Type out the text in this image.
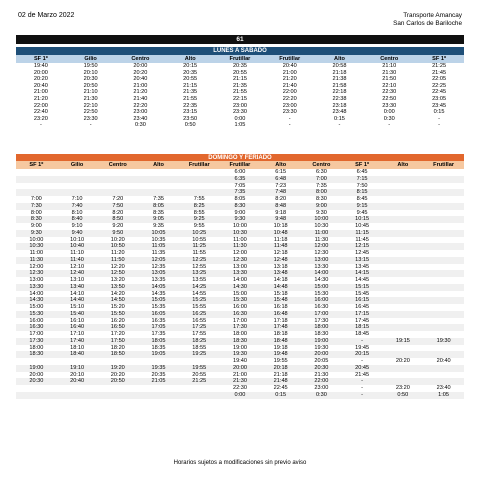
02 de Marzo 2022	Transporte Amancay
San Carlos de Bariloche
61
LUNES A SABADO								
SF 1º	Gilio	Centro	Alto	Frutillar	Frutillar	Alto	Centro	SF 1º
19:40	19:50	20:00	20:15	20:35	20:40	20:58	21:10	21:25
20:00	20:10	20:20	20:35	20:55	21:00	21:18	21:30	21:45
20:20	20:30	20:40	20:55	21:15	21:20	21:38	21:50	22:05
20:40	20:50	21:00	21:15	21:35	21:40	21:58	22:10	22:25
21:00	21:10	21:20	21:35	21:55	22:00	22:18	22:30	22:45
21:20	21:30	21:40	21:55	22:15	22:20	22:38	22:50	23:05
22:00	22:10	22:20	22:35	23:00	23:00	23:18	23:30	23:45
22:40	22:50	23:00	23:15	23:30	23:30	23:48	0:00	0:15
23:20	23:30	23:40	23:50	0:00	-	0:15	0:30	-
-	-	0:30	0:50	1:05	-	-	-	-
DOMINGO Y FERIADO										
SF 1º	Gilio	Centro	Alto	Frutillar	Frutillar	Alto	Centro	SF 1º	Alto	Frutillar
					6:00	6:15	6:30	6:45		
					6:35	6:48	7:00	7:15		
					7:05	7:23	7:35	7:50		
					7:35	7:48	8:00	8:15		
7:00	7:10	7:20	7:35	7:55	8:05	8:20	8:30	8:45		
7:30	7:40	7:50	8:05	8:25	8:30	8:48	9:00	9:15		
8:00	8:10	8:20	8:35	8:55	9:00	9:18	9:30	9:45		
8:30	8:40	8:50	9:05	9:25	9:30	9:48	10:00	10:15		
9:00	9:10	9:20	9:35	9:55	10:00	10:18	10:30	10:45		
9:30	9:40	9:50	10:05	10:25	10:30	10:48	11:00	11:15		
10:00	10:10	10:20	10:35	10:55	11:00	11:18	11:30	11:45		
10:30	10:40	10:50	11:05	11:25	11:30	11:48	12:00	12:15		
11:00	11:10	11:20	11:35	11:55	12:00	12:18	12:30	12:45		
11:30	11:40	11:50	12:05	12:25	12:30	12:48	13:00	13:15		
12:00	12:10	12:20	12:35	12:55	13:00	13:18	13:30	13:45		
12:30	12:40	12:50	13:05	13:25	13:30	13:48	14:00	14:15		
13:00	13:10	13:20	13:35	13:55	14:00	14:18	14:30	14:45		
13:30	13:40	13:50	14:05	14:25	14:30	14:48	15:00	15:15		
14:00	14:10	14:20	14:35	14:55	15:00	15:18	15:30	15:45		
14:30	14:40	14:50	15:05	15:25	15:30	15:48	16:00	16:15		
15:00	15:10	15:20	15:35	15:55	16:00	16:18	16:30	16:45		
15:30	15:40	15:50	16:05	16:25	16:30	16:48	17:00	17:15		
16:00	16:10	16:20	16:35	16:55	17:00	17:18	17:30	17:45		
16:30	16:40	16:50	17:05	17:25	17:30	17:48	18:00	18:15		
17:00	17:10	17:20	17:35	17:55	18:00	18:18	18:30	18:45		
17:30	17:40	17:50	18:05	18:25	18:30	18:48	19:00	-	19:15	19:30
18:00	18:10	18:20	18:35	18:55	19:00	19:18	19:30	19:45		
18:30	18:40	18:50	19:05	19:25	19:30	19:48	20:00	20:15		
					19:40	19:55	20:05	-	20:20	20:40
19:00	19:10	19:20	19:35	19:55	20:00	20:18	20:30	20:45		
20:00	20:10	20:20	20:35	20:55	21:00	21:18	21:30	21:45		
20:30	20:40	20:50	21:05	21:25	21:30	21:48	22:00	-		
					22:30	22:45	23:00	-	23:20	23:40
					0:00	0:15	0:30	-	0:50	1:05
Horarios sujetos a modificaciones sin previo aviso
